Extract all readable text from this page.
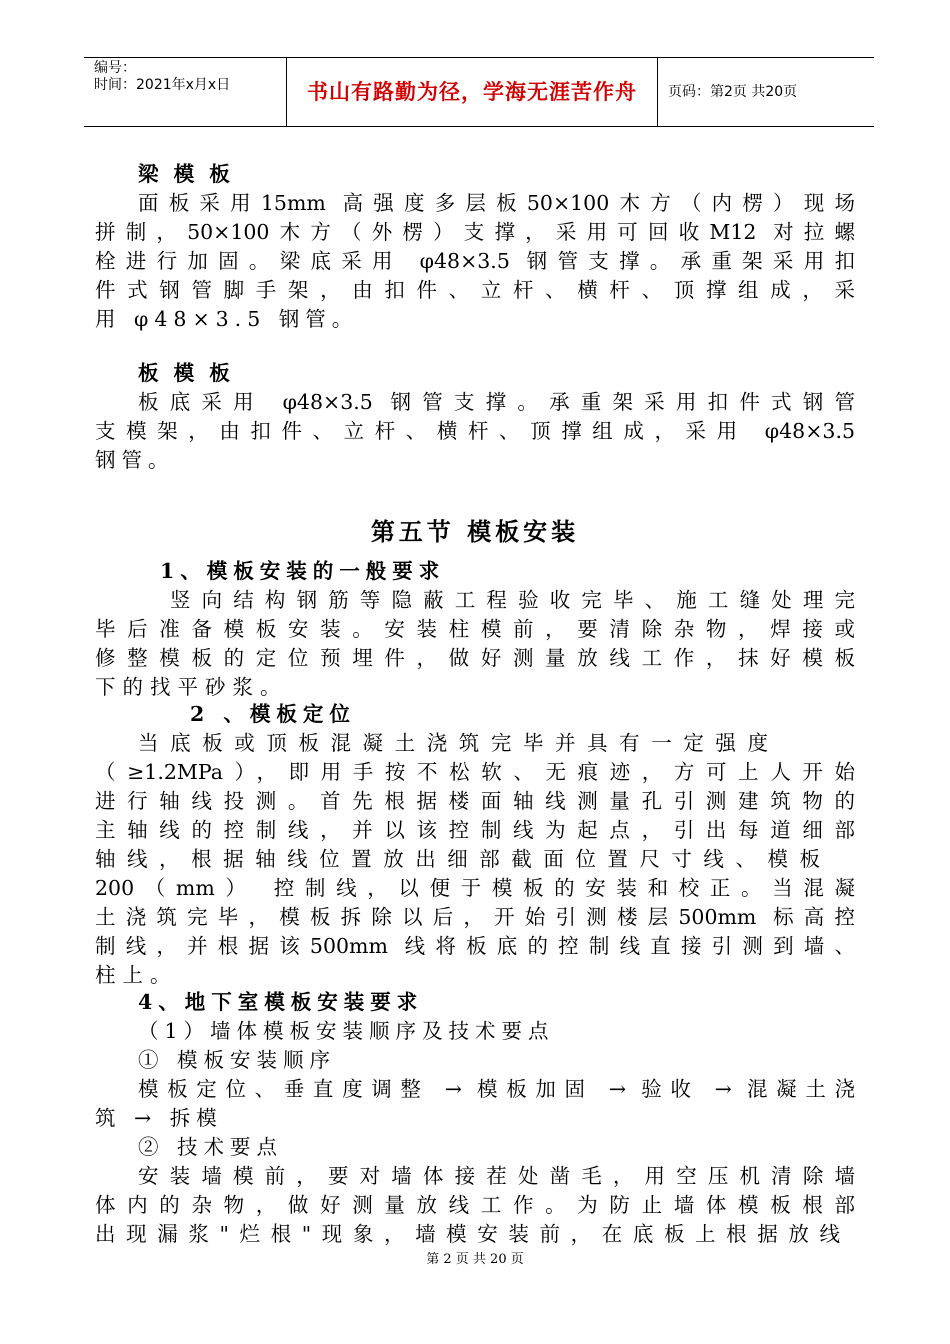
编号：
时间：2021年x月x日	书山有路勤为径，学海无涯苦作舟	页码：第2页 共20页
梁 模 板
面板采用15mm 高强度多层板50×100木方（内楞）现场
拼制，50×100木方（外楞）支撑，采用可回收M12 对拉螺
栓进行加固。梁底采用 φ48×3.5 钢管支撑。承重架采用扣
件式钢管脚手架，由扣件、立杆、横杆、顶撑组成，采
用 φ48×3.5 钢管。
板 模 板
板底采用 φ48×3.5 钢管支撑。承重架采用扣件式钢管
支模架，由扣件、立杆、横杆、顶撑组成，采用 φ48×3.5
钢管。
第五节 模板安装
1、模板安装的一般要求
竖向结构钢筋等隐蔽工程验收完毕、施工缝处理完
毕后准备模板安装。安装柱模前，要清除杂物，焊接或
修整模板的定位预埋件，做好测量放线工作，抹好模板
下的找平砂浆。
2 、模板定位
当底板或顶板混凝土浇筑完毕并具有一定强度
（≥1.2MPa），即用手按不松软、无痕迹，方可上人开始
进行轴线投测。首先根据楼面轴线测量孔引测建筑物的
主轴线的控制线，并以该控制线为起点，引出每道细部
轴线，根据轴线位置放出细部截面位置尺寸线、模板
200（mm） 控制线，以便于模板的安装和校正。当混凝
土浇筑完毕，模板拆除以后，开始引测楼层500mm 标高控
制线，并根据该500mm 线将板底的控制线直接引测到墙、
柱上。
4、地下室模板安装要求
（1）墙体模板安装顺序及技术要点
① 模板安装顺序
模板定位、垂直度调整 → 模板加固 → 验收 → 混凝土浇
筑 → 拆模
② 技术要点
安装墙模前，要对墙体接茬处凿毛，用空压机清除墙
体内的杂物，做好测量放线工作。为防止墙体模板根部
出现漏浆"烂根"现象，墙模安装前，在底板上根据放线
第 2 页 共 20 页
